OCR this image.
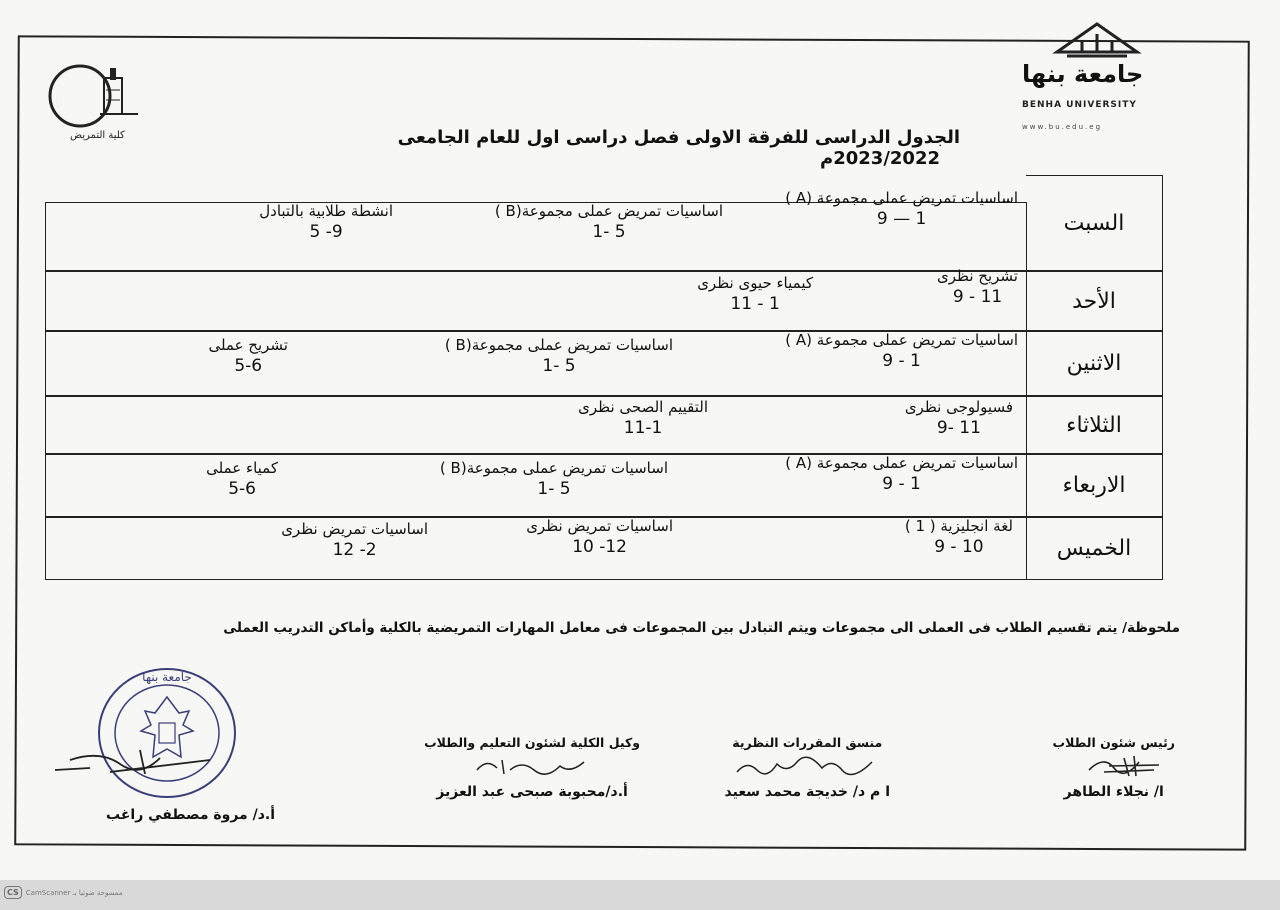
كلية التمريض
جامعة بنها
BENHA UNIVERSITY
www.bu.edu.eg
الجدول الدراسى للفرقة الاولى فصل دراسى اول للعام الجامعى
2023/2022م
السبت
اساسيات تمريض عملى مجموعة (A )
9 — 1
اساسيات تمريض عملى مجموعة(B )
1- 5
انشطة طلابية بالتبادل
5 -9
الأحد
تشريح نظرى
9 - 11
كيمياء حيوى نظرى
11 - 1
الاثنين
اساسيات تمريض عملى مجموعة (A )
9 - 1
اساسيات تمريض عملى مجموعة(B )
1- 5
تشريح عملى
5-6
الثلاثاء
فسيولوجى نظرى
9- 11
التقييم الصحى نظرى
11-1
الاربعاء
اساسيات تمريض عملى مجموعة (A )
9 - 1
اساسيات تمريض عملى مجموعة(B )
1- 5
كمياء عملى
5-6
الخميس
لغة انجليزية ( 1 )
9 - 10
اساسيات تمريض نظرى
10 -12
اساسيات تمريض نظرى
12 -2
ملحوظة/ يتم تقسيم الطلاب فى العملى الى مجموعات ويتم التبادل بين المجموعات فى معامل المهارات التمريضية بالكلية وأماكن التدريب العملى
جامعة بنها
رئيس شئون الطلاب
ا/ نجلاء الطاهر
منسق المقررات النظرية
ا م د/ خديجة محمد سعيد
وكيل الكلية لشئون التعليم والطلاب
أ.د/محبوبة صبحى عبد العزيز
أ.د/ مروة مصطفي راغب
CS	CamScanner ممسوحة ضوئيا بـ
